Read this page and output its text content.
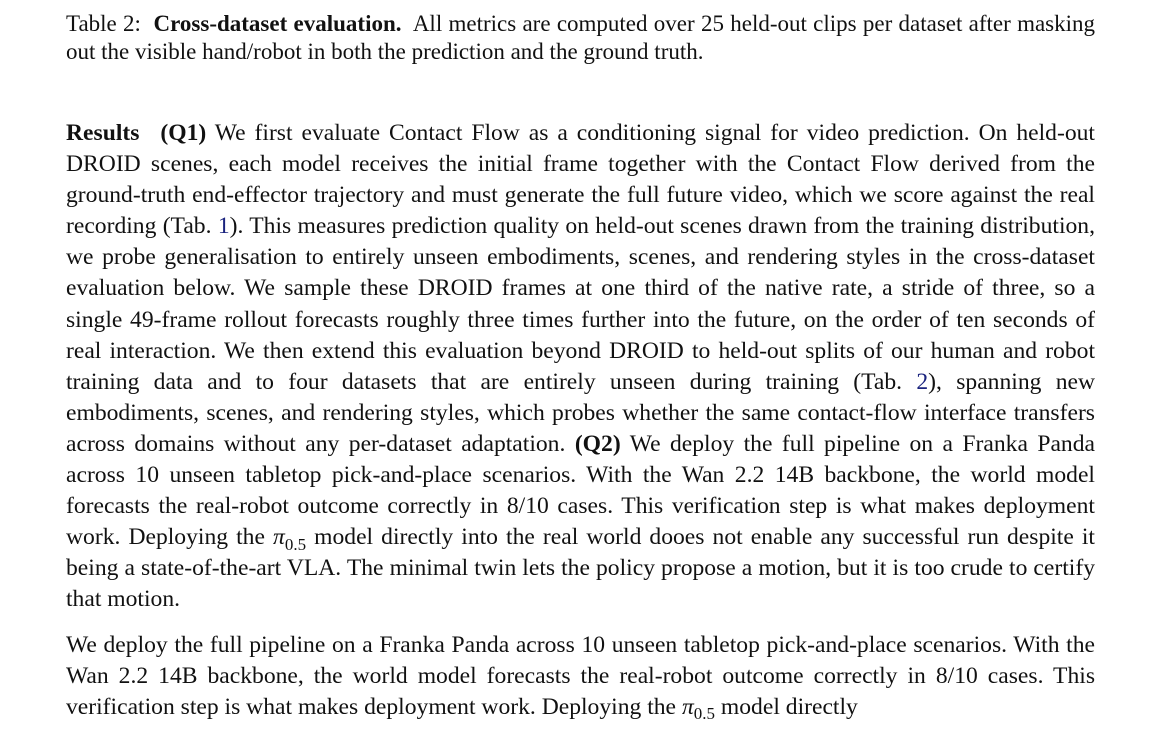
Table 2: Cross-dataset evaluation. All metrics are computed over 25 held-out clips per dataset after masking out the visible hand/robot in both the prediction and the ground truth.

Results (Q1) We first evaluate Contact Flow as a conditioning signal for video prediction. On held-out DROID scenes, each model receives the initial frame together with the Contact Flow derived from the ground-truth end-effector trajectory and must generate the full future video, which we score against the real recording (Tab. 1). This measures prediction quality on held-out scenes drawn from the training distribution, we probe generalisation to entirely unseen embodiments, scenes, and rendering styles in the cross-dataset evaluation below. We sample these DROID frames at one third of the native rate, a stride of three, so a single 49-frame rollout forecasts roughly three times further into the future, on the order of ten seconds of real interaction. We then extend this evaluation beyond DROID to held-out splits of our human and robot training data and to four datasets that are entirely unseen during training (Tab. 2), spanning new embodiments, scenes, and rendering styles, which probes whether the same contact-flow interface transfers across domains without any per-dataset adaptation. (Q2) We deploy the full pipeline on a Franka Panda across 10 unseen tabletop pick-and-place scenarios. With the Wan 2.2 14B backbone, the world model forecasts the real-robot outcome correctly in 8/10 cases. This verification step is what makes deployment work. Deploying the $\pi_{0.5}$ model directly into the real world dooes not enable any successful run despite it being a state-of-the-art VLA. The minimal twin lets the policy propose a motion, but it is too crude to certify that motion.

We deploy the full pipeline on a Franka Panda across 10 unseen tabletop pick-and-place scenarios. With the Wan 2.2 14B backbone, the world model forecasts the real-robot outcome correctly in 8/10 cases. This verification step is what makes deployment work. Deploying the $\pi_{0.5}$ model directly
